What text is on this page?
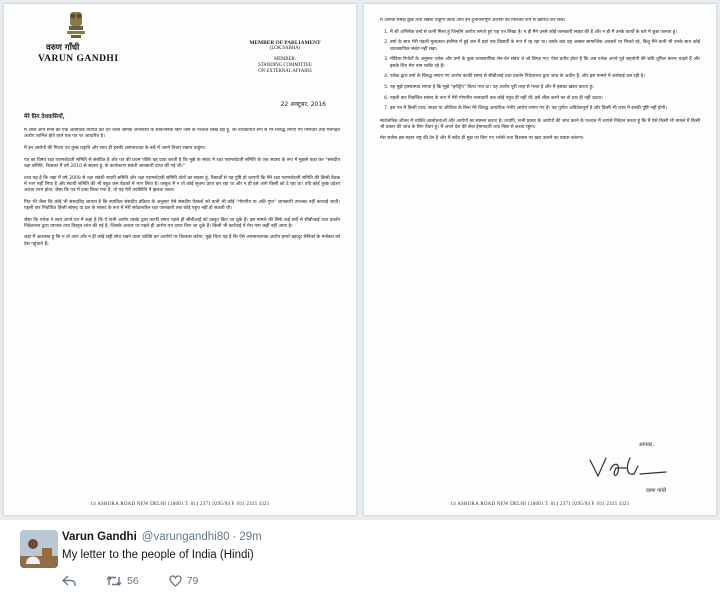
वरुण गाँधी
VARUN GANDHI
MEMBER OF PARLIAMENT
(LOK SABHA)
MEMBER:
STANDING COMMITTEE
ON EXTERNAL AFFAIRS
22 अक्टूबर, 2016
मेरे प्रिय देशवासियों,

मैं आज आप सभी को एक अत्यधिक व्यथित कर देने वाली भ्रामक जानकारी के सार्वजनिक किए जाने के पश्चात लिख रहा हूं, जो तथाकथित रूप से मेरे विरुद्ध लगाए गए निराधार तथा मनगढ़त आरोप शामिल होते वाले एक पत्र पर आधारित है।

मैं इन आरोपों की मिथ्या एवं तुच्छ प्रकृति और साथ ही इनकी असंभाव्यता के बारे में अपने विचार रखना चाहूंगा।

पत्र का विषय रक्षा परामर्शदात्री समिति से संबंधित है और पत्र की प्रथम पंक्ति यह दावा करती है कि मुझे के संबंध में रक्षा परामर्शदात्री समिति के एक सदस्य के रूप में मुझसे कहा कर "संसदीय रक्षा समिति, जिसका मैं वर्ष 2010 से सदस्य हूं, के कार्यकरण संबंधी जानकारी प्राप्त की गई थी।"

तथ्य यह है कि जहां मैं वर्ष 2009 से रक्षा संबंधी स्थायी समिति और रक्षा परामर्शदात्री समिति दोनों का सदस्य हूं, रिकार्डों से यह पुष्टि हो जाएगी कि मैंने रक्षा परामर्शदात्री समिति की किसी बैठक में भाग नहीं लिया है और स्थायी समिति की भी बहुत कम बैठकों में भाग लिया है। वस्तुतः मैं न तो कोई सूचना प्राप्त कर रहा था और न ही इसे आगे किसी को दे रहा था। यदि कोई तुच्छ उदेश्य अथवा लाभ होता, जैसा कि पत्र में दावा किया गया है, तो यह मेरी उपस्थिति में झलक जाता।

फिर भी जैसा कि कोई भी संसदविद जानता है कि स्थायित्व संसदीय प्रक्रिया के अनुसार ऐसे संसदीय फैसलों को कभी भी कोई "गोपनीय या अति गुप्त" जानकारी उपलब्ध नहीं करवाई जाती। पहली बार निर्वाचित किसी सांसद या दल के सांसद के रूप में मेरी संवेदनशील रक्षा जानकारी तक कोई पहुंच नहीं हो सकती थी।

जैसा कि एलेक ने स्वयं अपने पत्र में कहा है कि ये सभी आरोप उसके द्वारा काफी समय पहले ही सीबीआई को प्रस्तुत किए जा चुके हैं। इस मामले की सिर्फ कई वर्षों से सीबीआई तथा प्रवर्तन निदेशालय द्वारा व्यापक तथा विस्तृत जांच की गई है, जिसके आधार पर पहले ही आरोप-पत्र दायर किए जा चुके हैं। किसी भी कार्रवाई में मेरा नाम कहीं नहीं आया है।

जहां मैं आश्वस्त हूं कि न तो आप और न ही कोई सही सोच रखने वाला व्यक्ति इन आरोपों पर विश्वास करेगा, मुझे चिंता यह है कि ऐसे अपमानजनक आरोप हमारे बहादुर सैनिकों के मनोबल को ठेस पहुंचाते हैं।

14 ASHOKA ROAD NEW DELHI 110001 T. 011 2371 9295/94 F. 011 2335 4321

मैं आपके समक्ष कुछ तथ्य रखना चाहूंगा ताकि आप इन दुर्भावनापूर्ण आरोपों को निश्चित रूप से खारिज कर सकें।

1. मैं श्री अभिषेक वर्मा से कभी मिला हूं जिन्होंने आरोप लगाते हुए यह पत्र लिखा है। न ही मैंने उनसे कोई जानकारी साझा की है और न ही मैं उनके कार्यों के बारे में कुछ जानता हूं।
2. वर्मा के साथ मेरी पहली मुलाकात इंग्लैण्ड में हुई जब मैं वहां एक विद्यार्थी के रूप में रह रहा था। उसके बाद वह अक्सर सामाजिक अवसरों पर मिलते रहे, किंतु मैंने कभी भी उनके साथ कोई व्यावसायिक संबंध नहीं रखा।
3. मीडिया रिपोर्टों के अनुसार एलेक और वर्मा के कुछ व्यावसायिक लेन-देन संबंध थे जो बिगड़ गए। ऐसा प्रतीत होता है कि अब एलेक अपने पूर्व सहयोगी की छवि धूमिल करना चाहते हैं और इसके लिए मेरा नाम घसीट रहे हैं।
4. एलेक द्वारा वर्मा के विरुद्ध लगाए गए आरोप काफी समय से सीबीआई तथा प्रवर्तन निदेशालय द्वारा जांच के अधीन हैं, और इस मामले में कार्रवाई चल रही है।
5. यह मुझे हास्यास्पद लगता है कि मुझे "हनीट्रैप" किया गया था। यह आरोप पूरी तरह से गलत है और मैं इसका खंडन करता हूं।
6. पहली बार निर्वाचित सांसद के रूप में मेरी गोपनीय जानकारी तक कोई पहुंच ही नहीं थी, इसे लीक करने का तो प्रश्न ही नहीं उठता।
7. इस पत्र में किसी तथ्य, साक्ष्य या औचित्य के बिना मेरे विरुद्ध अत्यधिक गंभीर आरोप लगाए गए हैं। यह पूर्णतः अविवेकपूर्ण है और किसी भी जांच में इनकी पुष्टि नहीं होगी।

सार्वजनिक जीवन में व्यक्ति आलोचनाओं और आरोपों का सामना करता है। तथापि, सभी प्रकार के आरोपों की जांच करने के पश्चात मैं आपसे निवेदन करता हूं कि मैं ऐसे किसी भी मामले में किसी भी प्रकार की जांच के लिए तैयार हूं। मैं अपने देश की सेवा ईमानदारी तथा निष्ठा से करता रहूंगा।

मेरा सर्वस्व इस महान राष्ट्र की देन है और मैं सदैव ही मुझ पर किए गए भरोसे तथा विश्वास पर खरा उतरने का प्रयास करूंगा।

आपका,
वरुण गांधी
14 ASHOKA ROAD NEW DELHI 110001 T. 011 2371 9295/94 F. 011 2335 4321
Varun Gandhi @varungandhi80 · 29m
My letter to the people of India (Hindi)
56	79
